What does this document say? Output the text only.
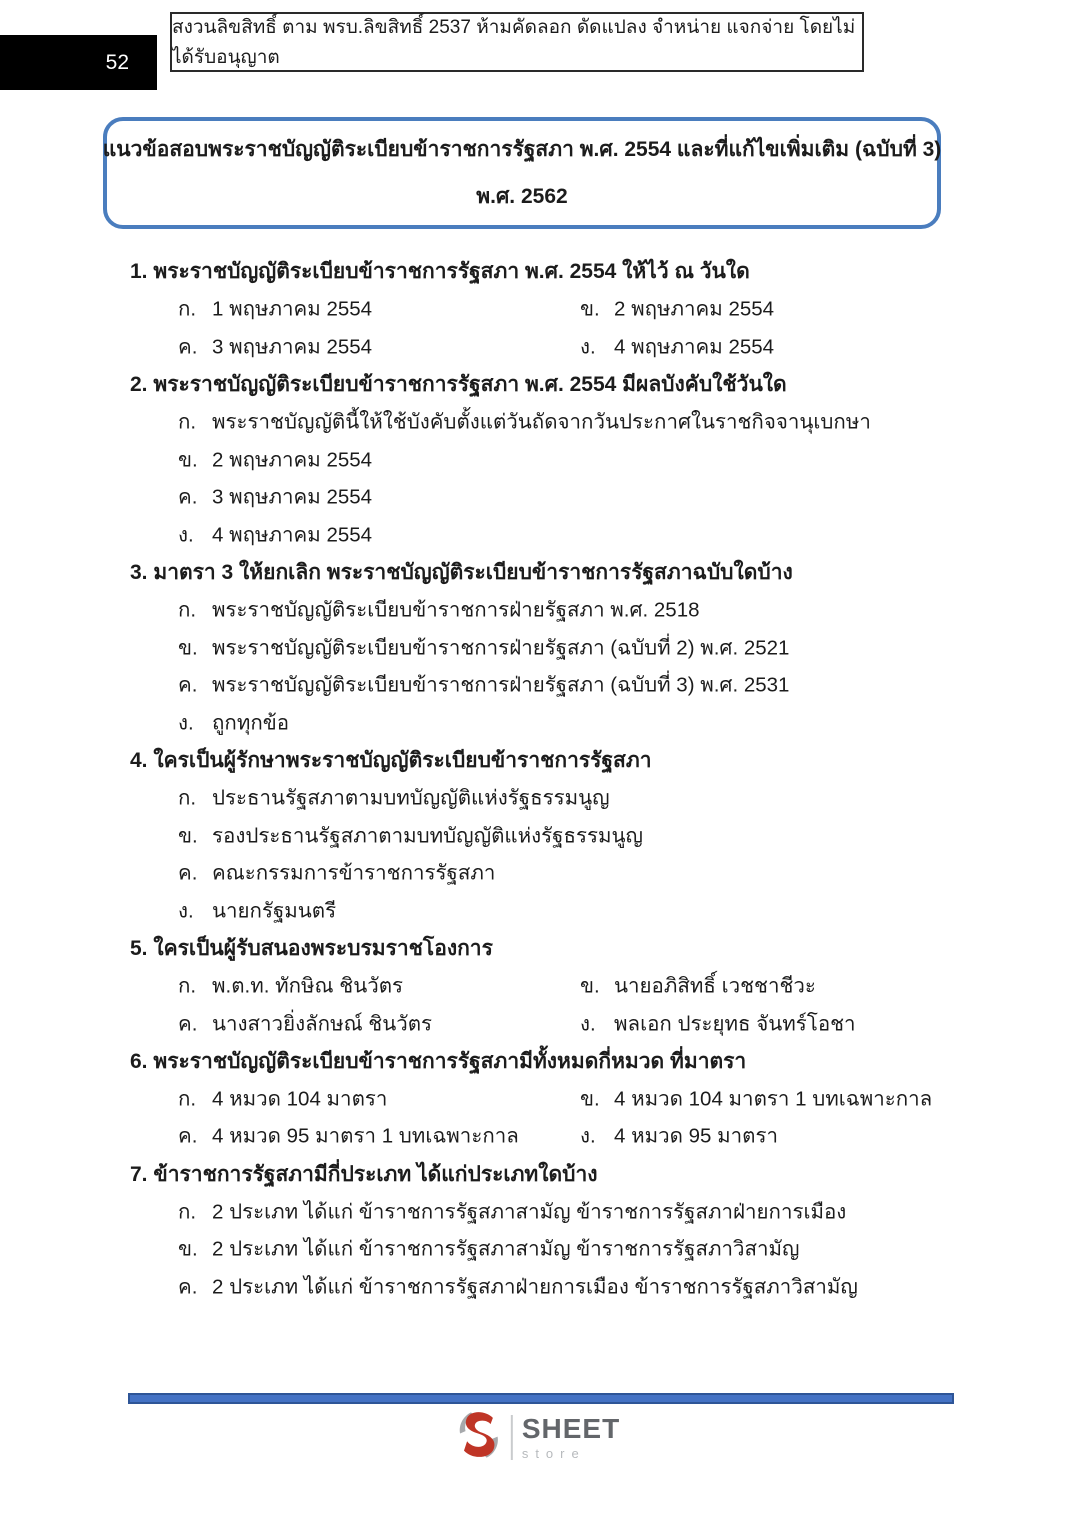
52
สงวนลิขสิทธิ์ ตาม พรบ.ลิขสิทธิ์ 2537 ห้ามคัดลอก ดัดแปลง จำหน่าย แจกจ่าย โดยไม่ได้รับอนุญาต
แนวข้อสอบพระราชบัญญัติระเบียบข้าราชการรัฐสภา พ.ศ. 2554 และที่แก้ไขเพิ่มเติม (ฉบับที่ 3)
พ.ศ. 2562
1. พระราชบัญญัติระเบียบข้าราชการรัฐสภา พ.ศ. 2554 ให้ไว้ ณ วันใด
ก. 1 พฤษภาคม 2554	ข. 2 พฤษภาคม 2554
ค. 3 พฤษภาคม 2554	ง. 4 พฤษภาคม 2554
2. พระราชบัญญัติระเบียบข้าราชการรัฐสภา พ.ศ. 2554 มีผลบังคับใช้วันใด
ก. พระราชบัญญัตินี้ให้ใช้บังคับตั้งแต่วันถัดจากวันประกาศในราชกิจจานุเบกษา
ข. 2 พฤษภาคม 2554
ค. 3 พฤษภาคม 2554
ง. 4 พฤษภาคม 2554
3. มาตรา 3 ให้ยกเลิก พระราชบัญญัติระเบียบข้าราชการรัฐสภาฉบับใดบ้าง
ก. พระราชบัญญัติระเบียบข้าราชการฝ่ายรัฐสภา พ.ศ. 2518
ข. พระราชบัญญัติระเบียบข้าราชการฝ่ายรัฐสภา (ฉบับที่ 2) พ.ศ. 2521
ค. พระราชบัญญัติระเบียบข้าราชการฝ่ายรัฐสภา (ฉบับที่ 3) พ.ศ. 2531
ง. ถูกทุกข้อ
4. ใครเป็นผู้รักษาพระราชบัญญัติระเบียบข้าราชการรัฐสภา
ก. ประธานรัฐสภาตามบทบัญญัติแห่งรัฐธรรมนูญ
ข. รองประธานรัฐสภาตามบทบัญญัติแห่งรัฐธรรมนูญ
ค. คณะกรรมการข้าราชการรัฐสภา
ง. นายกรัฐมนตรี
5. ใครเป็นผู้รับสนองพระบรมราชโองการ
ก. พ.ต.ท. ทักษิณ ชินวัตร	ข. นายอภิสิทธิ์ เวชชาชีวะ
ค. นางสาวยิ่งลักษณ์ ชินวัตร	ง. พลเอก ประยุทธ จันทร์โอชา
6. พระราชบัญญัติระเบียบข้าราชการรัฐสภามีทั้งหมดกี่หมวด ที่มาตรา
ก. 4 หมวด 104 มาตรา	ข. 4 หมวด 104 มาตรา 1 บทเฉพาะกาล
ค. 4 หมวด 95 มาตรา 1 บทเฉพาะกาล	ง. 4 หมวด 95 มาตรา
7. ข้าราชการรัฐสภามีกี่ประเภท ได้แก่ประเภทใดบ้าง
ก. 2 ประเภท ได้แก่ ข้าราชการรัฐสภาสามัญ ข้าราชการรัฐสภาฝ่ายการเมือง
ข. 2 ประเภท ได้แก่ ข้าราชการรัฐสภาสามัญ ข้าราชการรัฐสภาวิสามัญ
ค. 2 ประเภท ได้แก่ ข้าราชการรัฐสภาฝ่ายการเมือง ข้าราชการรัฐสภาวิสามัญ
SHEET
store
